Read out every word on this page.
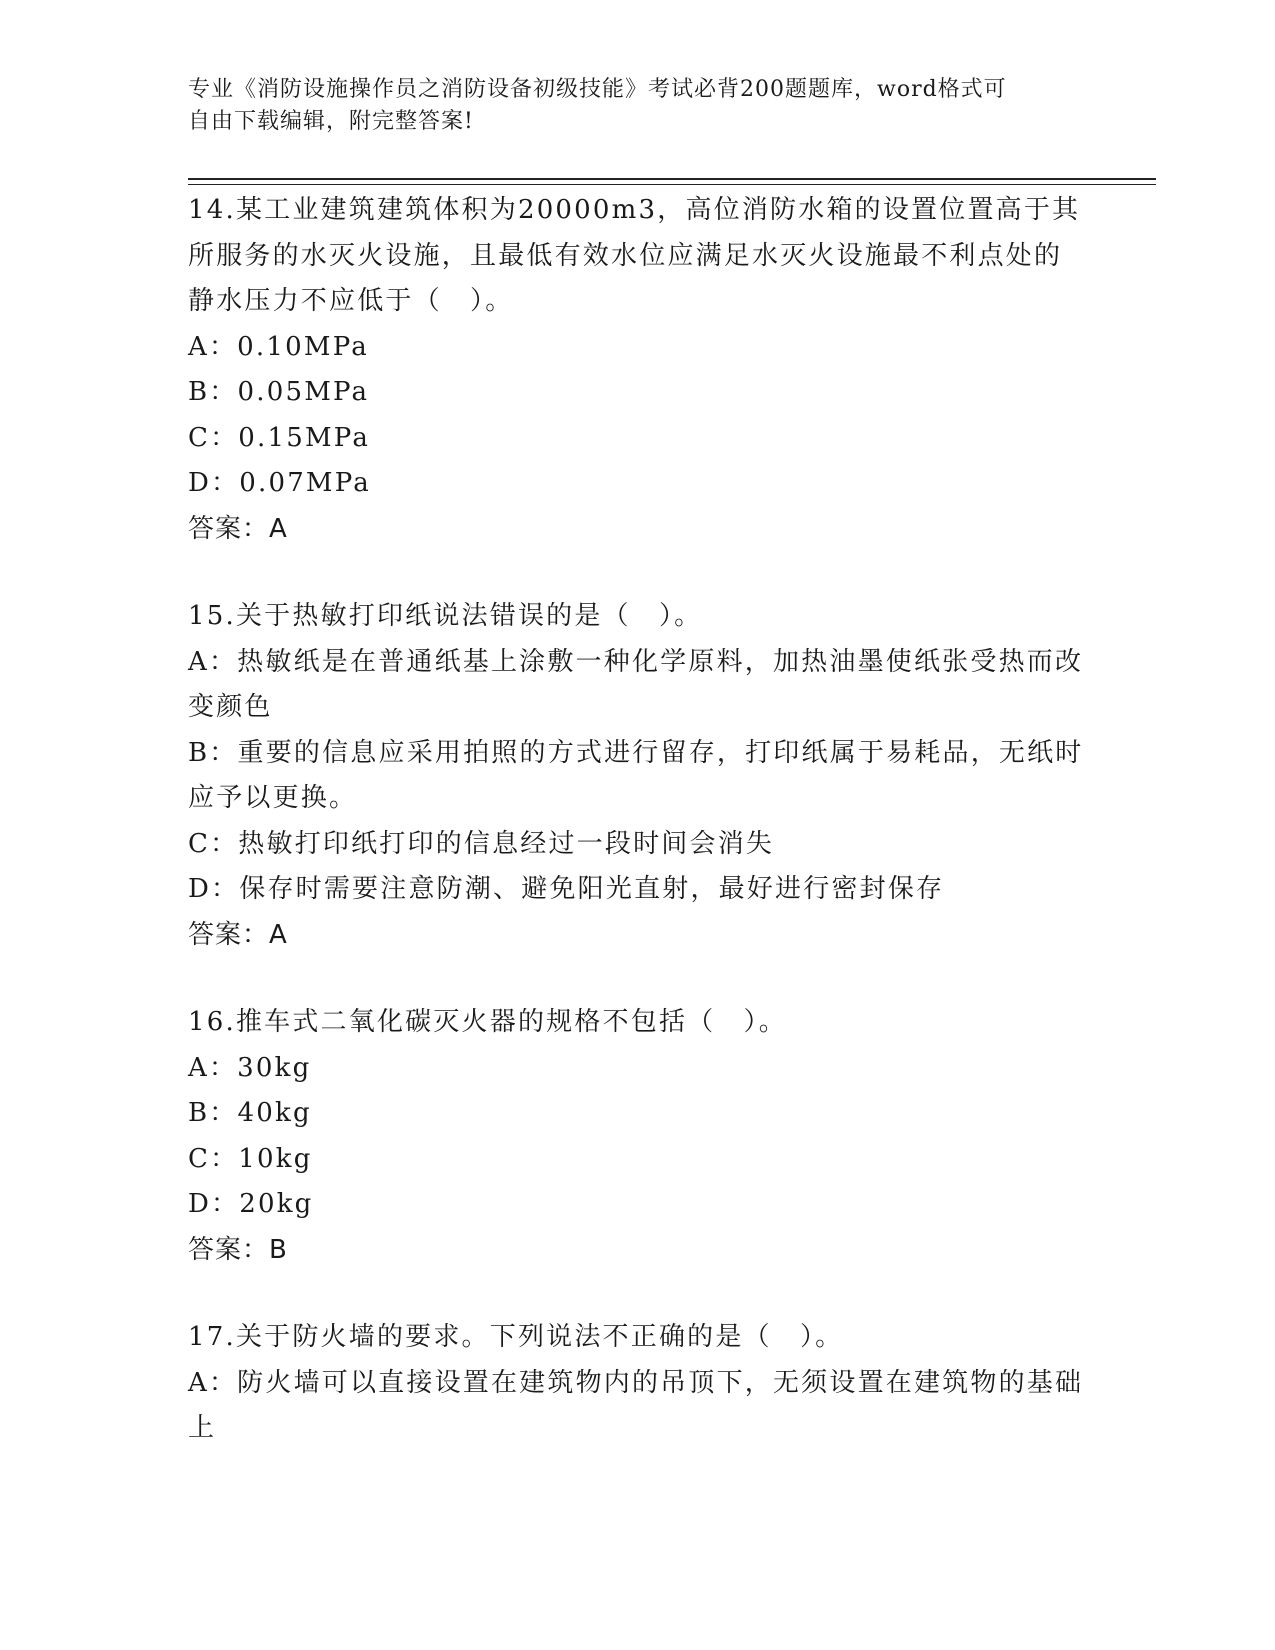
专业《消防设施操作员之消防设备初级技能》考试必背200题题库，word格式可
自由下载编辑，附完整答案!
14.某工业建筑建筑体积为20000m3，高位消防水箱的设置位置高于其所服务的水灭火设施，且最低有效水位应满足水灭火设施最不利点处的静水压力不应低于（　）。
A：0.10MPa
B：0.05MPa
C：0.15MPa
D：0.07MPa
答案：A
15.关于热敏打印纸说法错误的是（　）。
A：热敏纸是在普通纸基上涂敷一种化学原料，加热油墨使纸张受热而改变颜色
B：重要的信息应采用拍照的方式进行留存，打印纸属于易耗品，无纸时应予以更换。
C：热敏打印纸打印的信息经过一段时间会消失
D：保存时需要注意防潮、避免阳光直射，最好进行密封保存
答案：A
16.推车式二氧化碳灭火器的规格不包括（　）。
A：30kg
B：40kg
C：10kg
D：20kg
答案：B
17.关于防火墙的要求。下列说法不正确的是（　）。
A：防火墙可以直接设置在建筑物内的吊顶下，无须设置在建筑物的基础上
